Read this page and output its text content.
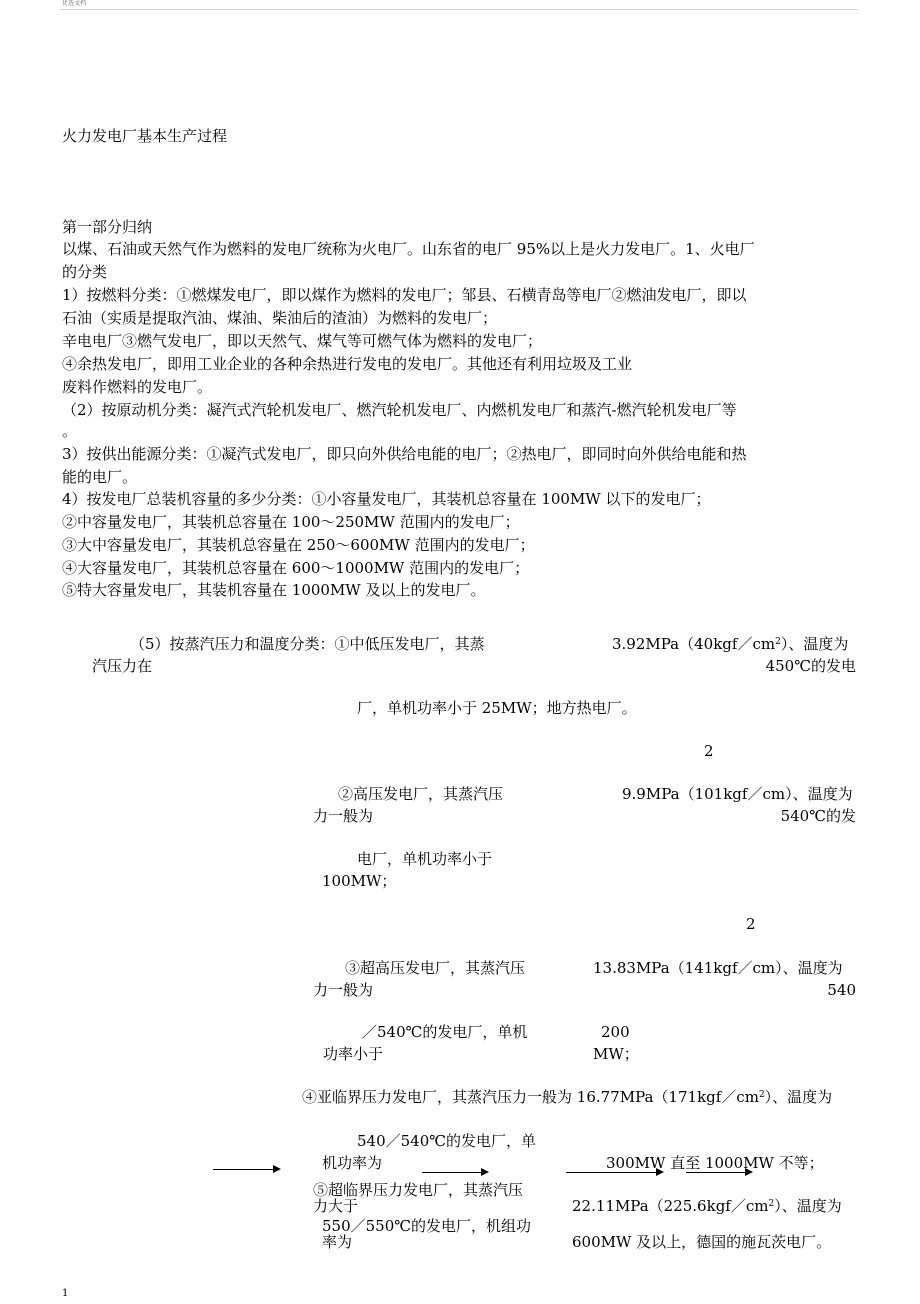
优选文档
火力发电厂基本生产过程
第一部分归纳
以煤、石油或天然气作为燃料的发电厂统称为火电厂。山东省的电厂 95%以上是火力发电厂。1、火电厂
的分类
1）按燃料分类：①燃煤发电厂，即以煤作为燃料的发电厂；邹县、石横青岛等电厂②燃油发电厂，即以
石油（实质是提取汽油、煤油、柴油后的渣油）为燃料的发电厂；
辛电电厂③燃气发电厂，即以天然气、煤气等可燃气体为燃料的发电厂；
④余热发电厂，即用工业企业的各种余热进行发电的发电厂。其他还有利用垃圾及工业
废料作燃料的发电厂。
（2）按原动机分类：凝汽式汽轮机发电厂、燃汽轮机发电厂、内燃机发电厂和蒸汽-燃汽轮机发电厂等
。
3）按供出能源分类：①凝汽式发电厂，即只向外供给电能的电厂；②热电厂，即同时向外供给电能和热
能的电厂。
4）按发电厂总装机容量的多少分类：①小容量发电厂，其装机总容量在 100MW 以下的发电厂；
②中容量发电厂，其装机总容量在 100～250MW 范围内的发电厂；
③大中容量发电厂，其装机总容量在 250～600MW 范围内的发电厂；
④大容量发电厂，其装机总容量在 600～1000MW 范围内的发电厂；
⑤特大容量发电厂，其装机容量在 1000MW 及以上的发电厂。
（5）按蒸汽压力和温度分类：①中低压发电厂，其蒸
汽压力在
$3.92MPa(40kgf/cm^2)$、温度为
450℃的发电
厂，单机功率小于 25MW；地方热电厂。
2
②高压发电厂，其蒸汽压
力一般为
9.9MPa（101kgf／cm）、温度为
540℃的发
电厂，单机功率小于
100MW；
2
③超高压发电厂，其蒸汽压
力一般为
13.83MPa（141kgf／cm）、温度为
540
／540℃的发电厂，单机
功率小于
200
MW；
④亚临界压力发电厂，其蒸汽压力一般为 $16.77MPa(171kgf/cm^2)$、温度为
540／540℃的发电厂，单
机功率为	300MW 直至 1000MW 不等；
⑤超临界压力发电厂，其蒸汽压
力大于	$22.11MPa(225.6kgf/cm^2)$、温度为
550／550℃的发电厂，机组功
率为	600MW 及以上，德国的施瓦茨电厂。
1
